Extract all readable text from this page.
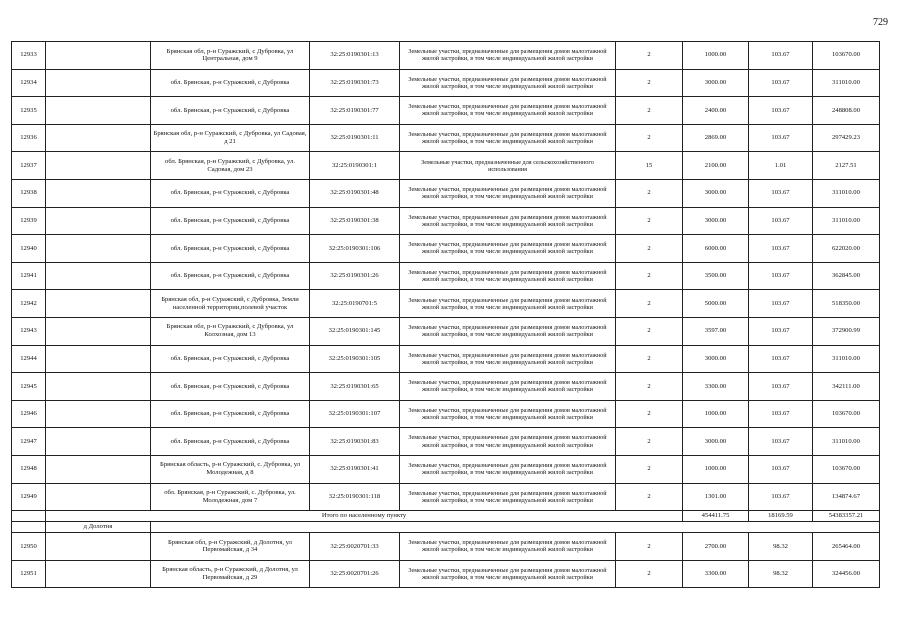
729
12933		Брянская обл, р-н Суражский, с Дубровка, ул Центральная, дом 9	32:25:0190301:13	Земельные участки, предназначенные для размещения домов малоэтажной жилой застройки, в том числе индивидуальной жилой застройки	2	1000.00	103.67	103670.00
12934		обл. Брянская, р-н Суражский, с Дубровка	32:25:0190301:73	Земельные участки, предназначенные для размещения домов малоэтажной жилой застройки, в том числе индивидуальной жилой застройки	2	3000.00	103.67	311010.00
12935		обл. Брянская, р-н Суражский, с Дубровка	32:25:0190301:77	Земельные участки, предназначенные для размещения домов малоэтажной жилой застройки, в том числе индивидуальной жилой застройки	2	2400.00	103.67	248808.00
12936		Брянская обл, р-н Суражский, с Дубровка, ул Садовая, д 21	32:25:0190301:11	Земельные участки, предназначенные для размещения домов малоэтажной жилой застройки, в том числе индивидуальной жилой застройки	2	2869.00	103.67	297429.23
12937		обл. Брянская, р-н Суражский, с Дубровка, ул. Садовая, дом 23	32:25:0190301:1	Земельные участки, предназначенные для сельскохозяйственного использования	15	2100.00	1.01	2127.51
12938		обл. Брянская, р-н Суражский, с Дубровка	32:25:0190301:48	Земельные участки, предназначенные для размещения домов малоэтажной жилой застройки, в том числе индивидуальной жилой застройки	2	3000.00	103.67	311010.00
12939		обл. Брянская, р-н Суражский, с Дубровка	32:25:0190301:38	Земельные участки, предназначенные для размещения домов малоэтажной жилой застройки, в том числе индивидуальной жилой застройки	2	3000.00	103.67	311010.00
12940		обл. Брянская, р-н Суражский, с Дубровка	32:25:0190301:106	Земельные участки, предназначенные для размещения домов малоэтажной жилой застройки, в том числе индивидуальной жилой застройки	2	6000.00	103.67	622020.00
12941		обл. Брянская, р-н Суражский, с Дубровка	32:25:0190301:26	Земельные участки, предназначенные для размещения домов малоэтажной жилой застройки, в том числе индивидуальной жилой застройки	2	3500.00	103.67	362845.00
12942		Брянская обл, р-н Суражский, с Дубровка, Земли населенной территории,полевой участок	32:25:0190701:5	Земельные участки, предназначенные для размещения домов малоэтажной жилой застройки, в том числе индивидуальной жилой застройки	2	5000.00	103.67	518350.00
12943		Брянская обл, р-н Суражский, с Дубровка, ул Колхозная, дом 13	32:25:0190301:145	Земельные участки, предназначенные для размещения домов малоэтажной жилой застройки, в том числе индивидуальной жилой застройки	2	3597.00	103.67	372900.99
12944		обл. Брянская, р-н Суражский, с Дубровка	32:25:0190301:105	Земельные участки, предназначенные для размещения домов малоэтажной жилой застройки, в том числе индивидуальной жилой застройки	2	3000.00	103.67	311010.00
12945		обл. Брянская, р-н Суражский, с Дубровка	32:25:0190301:65	Земельные участки, предназначенные для размещения домов малоэтажной жилой застройки, в том числе индивидуальной жилой застройки	2	3300.00	103.67	342111.00
12946		обл. Брянская, р-н Суражский, с Дубровка	32:25:0190301:107	Земельные участки, предназначенные для размещения домов малоэтажной жилой застройки, в том числе индивидуальной жилой застройки	2	1000.00	103.67	103670.00
12947		обл. Брянская, р-н Суражский, с Дубровка	32:25:0190301:83	Земельные участки, предназначенные для размещения домов малоэтажной жилой застройки, в том числе индивидуальной жилой застройки	2	3000.00	103.67	311010.00
12948		Брянская область, р-н Суражский, с. Дубровка, ул Молодежная, д 8	32:25:0190301:41	Земельные участки, предназначенные для размещения домов малоэтажной жилой застройки, в том числе индивидуальной жилой застройки	2	1000.00	103.67	103670.00
12949		обл. Брянская, р-н Суражский, с. Дубровка, ул. Молодежная, дом 7	32:25:0190301:118	Земельные участки, предназначенные для размещения домов малоэтажной жилой застройки, в том числе индивидуальной жилой застройки	2	1301.00	103.67	134874.67
	Итого по населенному пункту					454411.75	18169.59	54383357.21
	д Долотня							
12950		Брянская обл, р-н Суражский, д Долотня, ул Первомайская, д 34	32:25:0020701:33	Земельные участки, предназначенные для размещения домов малоэтажной жилой застройки, в том числе индивидуальной жилой застройки	2	2700.00	98.32	265464.00
12951		Брянская область, р-н Суражский, д Долотня, ул Первомайская, д 29	32:25:0020701:26	Земельные участки, предназначенные для размещения домов малоэтажной жилой застройки, в том числе индивидуальной жилой застройки	2	3300.00	98.32	324456.00
